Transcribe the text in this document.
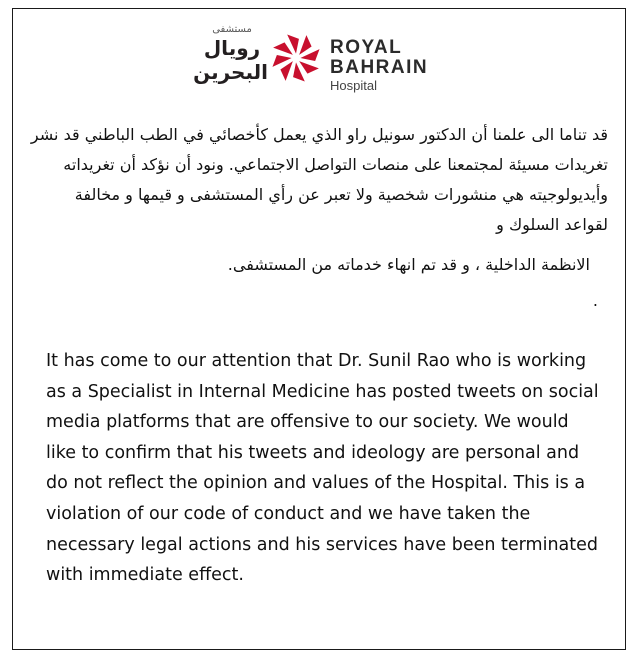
مستشفى
رويال
البحرين
ROYAL
BAHRAIN
Hospital

قد تناما الى علمنا أن الدكتور سونيل راو الذي يعمل كأخصائي في الطب الباطني قد نشر تغريدات مسيئة لمجتمعنا على منصات التواصل الاجتماعي. ونود أن نؤكد أن تغريداته وأيديولوجيته هي منشورات شخصية ولا تعبر عن رأي المستشفى و قيمها و مخالفة لقواعد السلوك و

الانظمة الداخلية ، و قد تم انهاء خدماته من المستشفى.

.

It has come to our attention that Dr. Sunil Rao who is working as a Specialist in Internal Medicine has posted tweets on social media platforms that are offensive to our society. We would like to confirm that his tweets and ideology are personal and do not reflect the opinion and values of the Hospital. This is a violation of our code of conduct and we have taken the necessary legal actions and his services have been terminated with immediate effect.
